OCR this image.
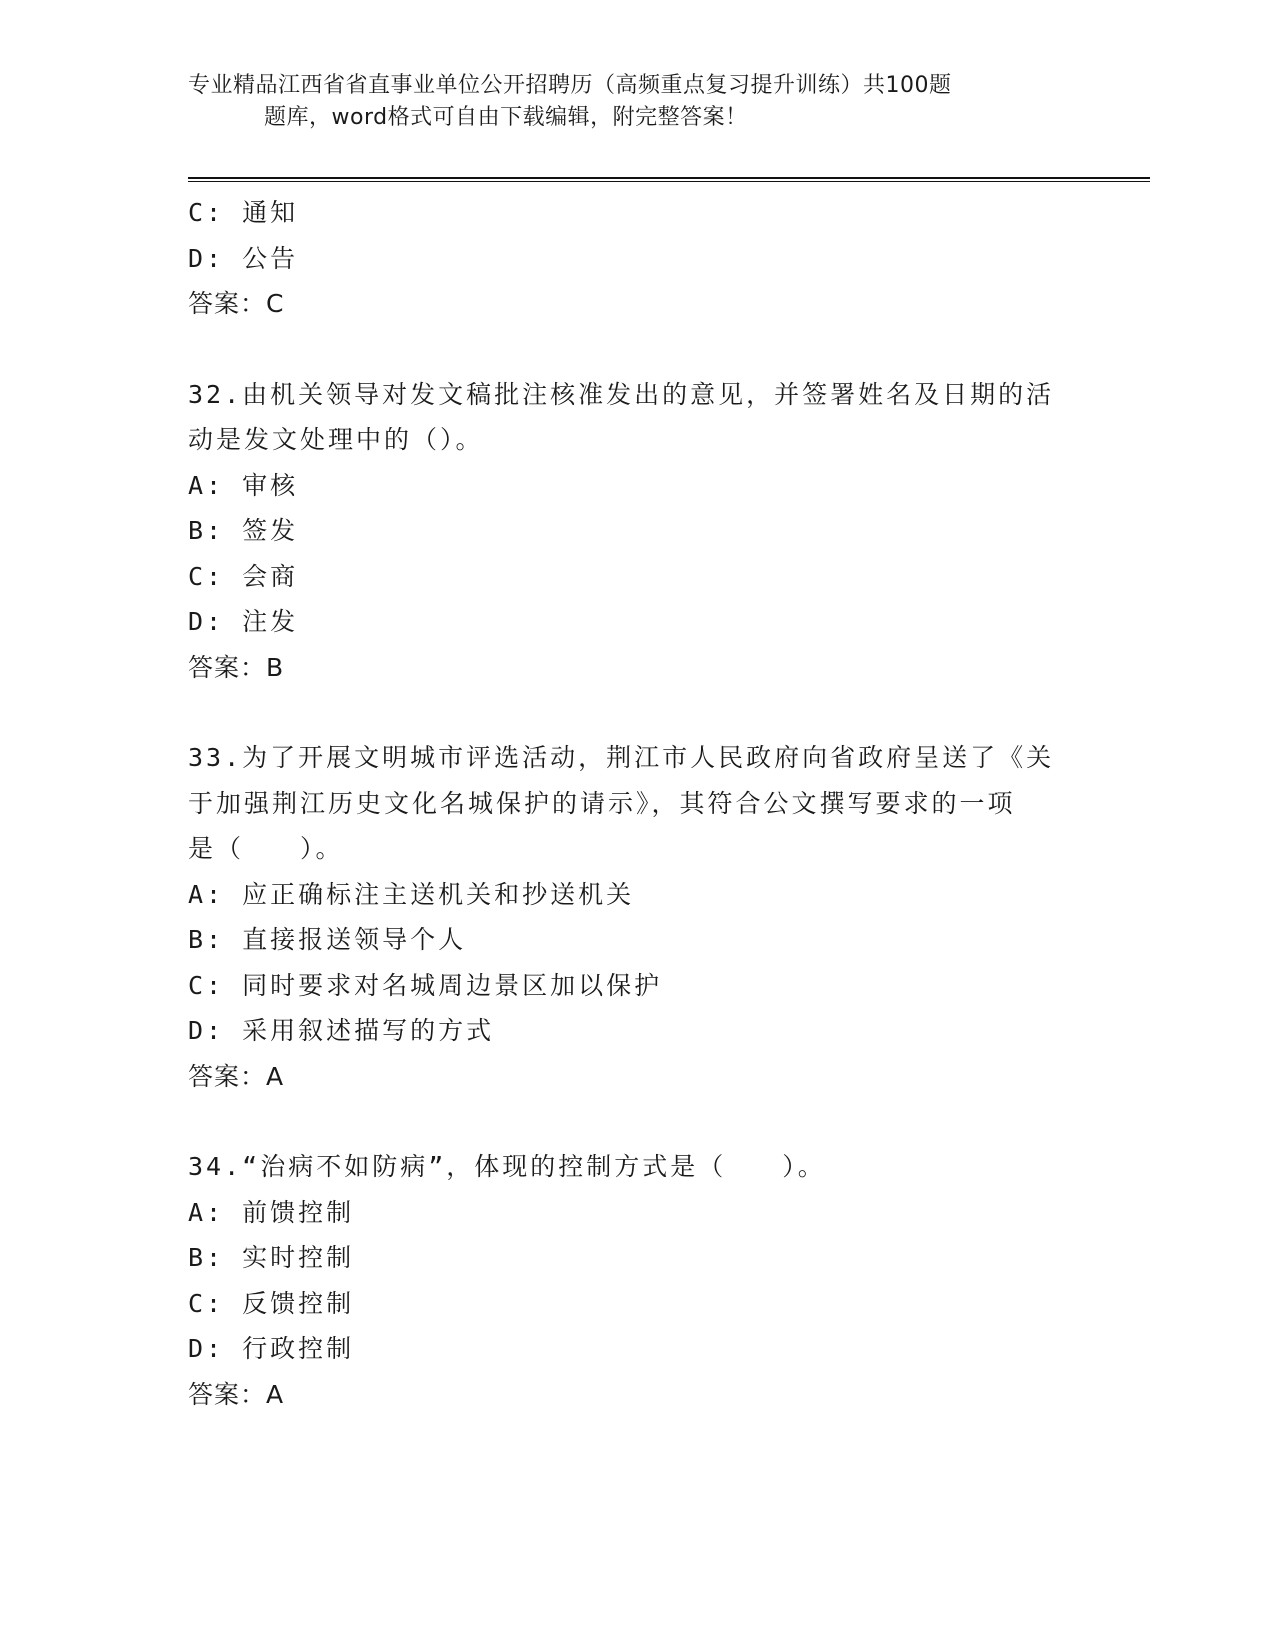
专业精品江西省省直事业单位公开招聘历（高频重点复习提升训练）共100题
题库，word格式可自由下载编辑，附完整答案！
C: 通知
D: 公告
答案：C
32.由机关领导对发文稿批注核准发出的意见，并签署姓名及日期的活
动是发文处理中的（）。
A: 审核
B: 签发
C: 会商
D: 注发
答案：B
33.为了开展文明城市评选活动，荆江市人民政府向省政府呈送了《关
于加强荆江历史文化名城保护的请示》，其符合公文撰写要求的一项
是（　　）。
A: 应正确标注主送机关和抄送机关
B: 直接报送领导个人
C: 同时要求对名城周边景区加以保护
D: 采用叙述描写的方式
答案：A
34.“治病不如防病”，体现的控制方式是（　　）。
A: 前馈控制
B: 实时控制
C: 反馈控制
D: 行政控制
答案：A
